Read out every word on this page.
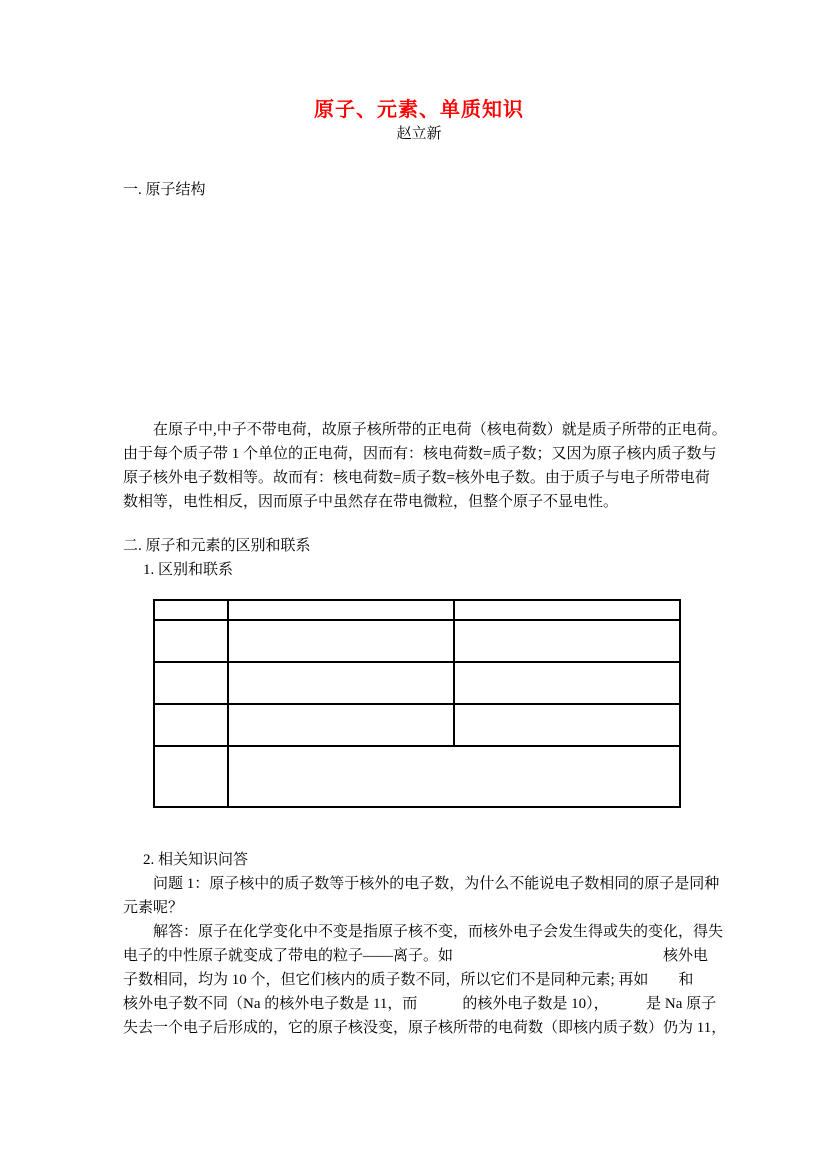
原子、元素、单质知识
赵立新
一. 原子结构
　　在原子中,中子不带电荷，故原子核所带的正电荷（核电荷数）就是质子所带的正电荷。
由于每个质子带 1 个单位的正电荷，因而有：核电荷数=质子数；又因为原子核内质子数与
原子核外电子数相等。故而有：核电荷数=质子数=核外电子数。由于质子与电子所带电荷
数相等，电性相反，因而原子中虽然存在带电微粒，但整个原子不显电性。
二. 原子和元素的区别和联系
1. 区别和联系

2. 相关知识问答
　　问题 1：原子核中的质子数等于核外的电子数，为什么不能说电子数相同的原子是同种
元素呢？
　　解答：原子在化学变化中不变是指原子核不变，而核外电子会发生得或失的变化，得失
电子的中性原子就变成了带电的粒子——离子。如　　　　　　　　　　　　　　核外电
子数相同，均为 10 个，但它们核内的质子数不同，所以它们不是同种元素; 再如　　和
核外电子数不同（Na 的核外电子数是 11，而　　　的核外电子数是 10），　　　是 Na 原子
失去一个电子后形成的，它的原子核没变，原子核所带的电荷数（即核内质子数）仍为 11，
